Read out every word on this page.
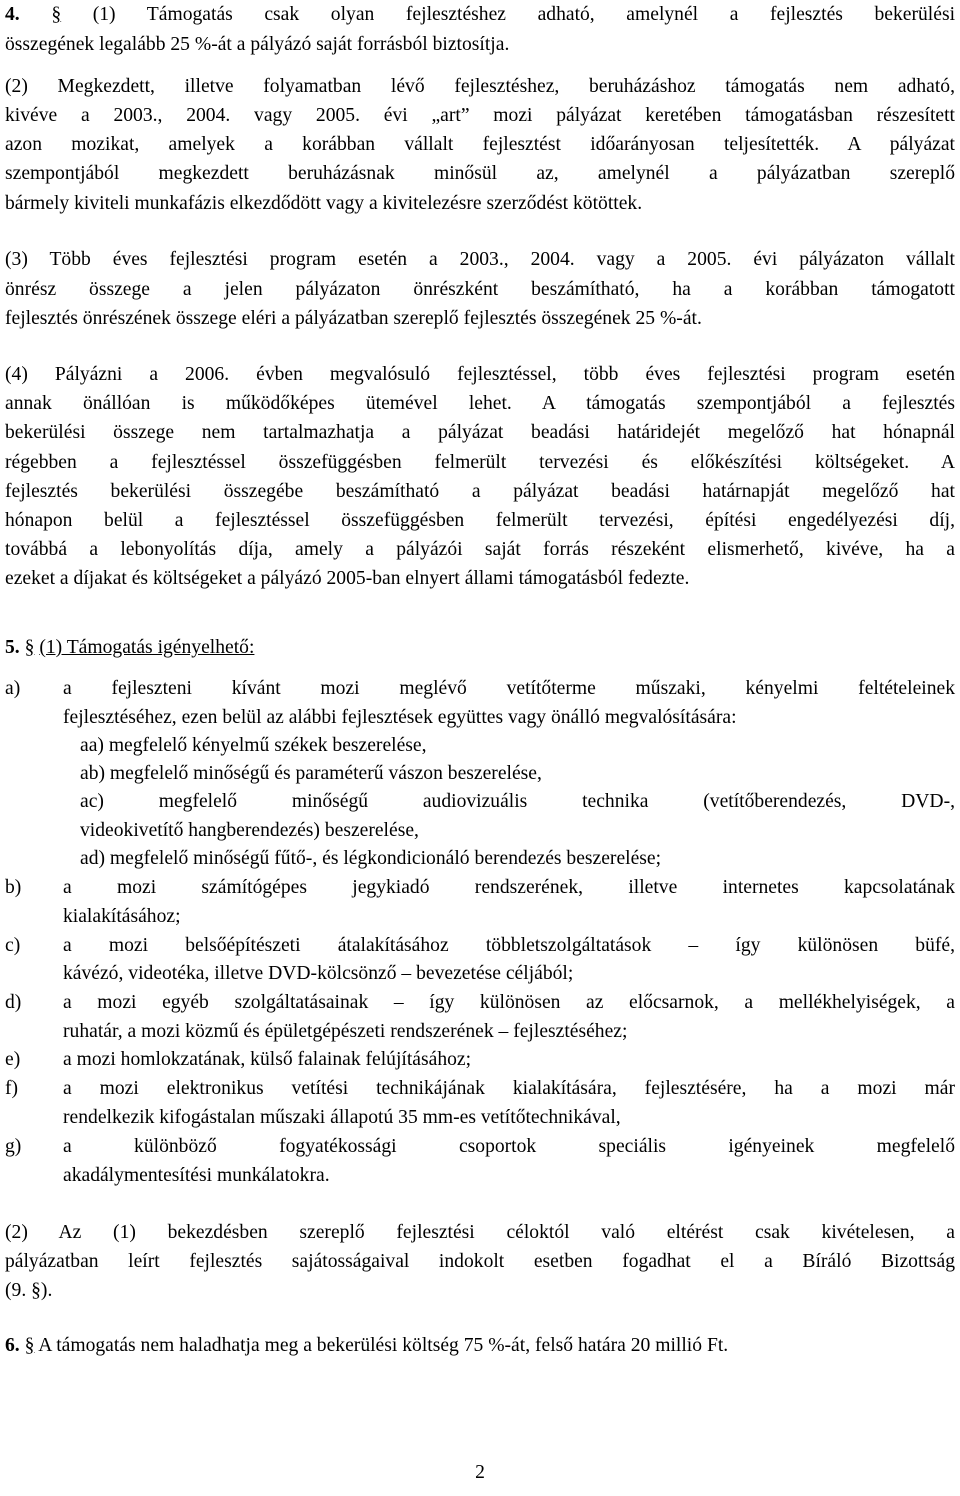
4. § (1) Támogatás csak olyan fejlesztéshez adható, amelynél a fejlesztés bekerülési
összegének legalább 25 %-át a pályázó saját forrásból biztosítja.
(2) Megkezdett, illetve folyamatban lévő fejlesztéshez, beruházáshoz támogatás nem adható,
kivéve a 2003., 2004. vagy 2005. évi „art” mozi pályázat keretében támogatásban részesített
azon mozikat, amelyek a korábban vállalt fejlesztést időarányosan teljesítették. A pályázat
szempontjából megkezdett beruházásnak minősül az, amelynél a pályázatban szereplő
bármely kiviteli munkafázis elkezdődött vagy a kivitelezésre szerződést kötöttek.
(3) Több éves fejlesztési program esetén a 2003., 2004. vagy a 2005. évi pályázaton vállalt
önrész összege a jelen pályázaton önrészként beszámítható, ha a korábban támogatott
fejlesztés önrészének összege eléri a pályázatban szereplő fejlesztés összegének 25 %-át.
(4) Pályázni a 2006. évben megvalósuló fejlesztéssel, több éves fejlesztési program esetén
annak önállóan is működőképes ütemével lehet. A támogatás szempontjából a fejlesztés
bekerülési összege nem tartalmazhatja a pályázat beadási határidejét megelőző hat hónapnál
régebben a fejlesztéssel összefüggésben felmerült tervezési és előkészítési költségeket. A
fejlesztés bekerülési összegébe beszámítható a pályázat beadási határnapját megelőző hat
hónapon belül a fejlesztéssel összefüggésben felmerült tervezési, építési engedélyezési díj,
továbbá a lebonyolítás díja, amely a pályázói saját forrás részeként elismerhető, kivéve, ha a
ezeket a díjakat és költségeket a pályázó 2005-ban elnyert állami támogatásból fedezte.
5. § (1) Támogatás igényelhető:
a) a fejleszteni kívánt mozi meglévő vetítőterme műszaki, kényelmi feltételeinek
fejlesztéséhez, ezen belül az alábbi fejlesztések együttes vagy önálló megvalósítására:
aa) megfelelő kényelmű székek beszerelése,
ab) megfelelő minőségű és paraméterű vászon beszerelése,
ac) megfelelő minőségű audiovizuális technika (vetítőberendezés, DVD-,
videokivetítő hangberendezés) beszerelése,
ad) megfelelő minőségű fűtő-, és légkondicionáló berendezés beszerelése;
b) a mozi számítógépes jegykiadó rendszerének, illetve internetes kapcsolatának
kialakításához;
c) a mozi belsőépítészeti átalakításához többletszolgáltatások – így különösen büfé,
kávézó, videotéka, illetve DVD-kölcsönző – bevezetése céljából;
d) a mozi egyéb szolgáltatásainak – így különösen az előcsarnok, a mellékhelyiségek, a
ruhatár, a mozi közmű és épületgépészeti rendszerének – fejlesztéséhez;
e) a mozi homlokzatának, külső falainak felújításához;
f) a mozi elektronikus vetítési technikájának kialakítására, fejlesztésére, ha a mozi már
rendelkezik kifogástalan műszaki állapotú 35 mm-es vetítőtechnikával,
g) a különböző fogyatékossági csoportok speciális igényeinek megfelelő
akadálymentesítési munkálatokra.
(2) Az (1) bekezdésben szereplő fejlesztési céloktól való eltérést csak kivételesen, a
pályázatban leírt fejlesztés sajátosságaival indokolt esetben fogadhat el a Bíráló Bizottság
(9. §).
6. § A támogatás nem haladhatja meg a bekerülési költség 75 %-át, felső határa 20 millió Ft.
2
